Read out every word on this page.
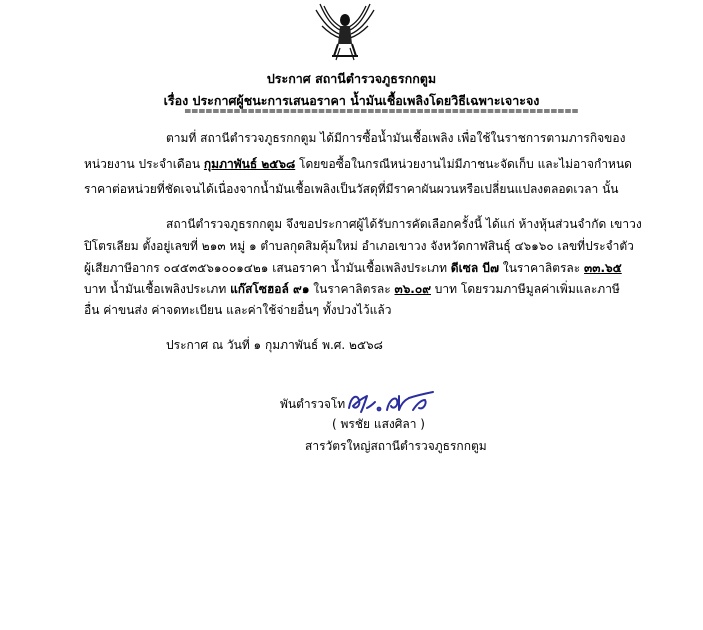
ประกาศ สถานีตำรวจภูธรกกตูม
เรื่อง ประกาศผู้ชนะการเสนอราคา น้ำมันเชื้อเพลิงโดยวิธีเฉพาะเจาะจง
========================================================
ตามที่ สถานีตำรวจภูธรกกตูม ได้มีการซื้อน้ำมันเชื้อเพลิง เพื่อใช้ในราชการตามภารกิจของ
หน่วยงาน ประจำเดือน กุมภาพันธ์ ๒๕๖๘ โดยขอซื้อในกรณีหน่วยงานไม่มีภาชนะจัดเก็บ และไม่อาจกำหนด
ราคาต่อหน่วยที่ชัดเจนได้เนื่องจากน้ำมันเชื้อเพลิงเป็นวัสดุที่มีราคาผันผวนหรือเปลี่ยนแปลงตลอดเวลา นั้น
สถานีตำรวจภูธรกกตูม จึงขอประกาศผู้ได้รับการคัดเลือกครั้งนี้ ได้แก่ ห้างหุ้นส่วนจำกัด เขาวง
ปิโตรเลียม ตั้งอยู่เลขที่ ๒๑๓ หมู่ ๑ ตำบลกุดสิมคุ้มใหม่ อำเภอเขาวง จังหวัดกาฬสินธุ์ ๔๖๑๖๐ เลขที่ประจำตัว
ผู้เสียภาษีอากร ๐๔๕๓๕๖๑๐๐๑๔๒๑ เสนอราคา น้ำมันเชื้อเพลิงประเภท ดีเซล บี๗ ในราคาลิตรละ ๓๓.๖๕
บาท น้ำมันเชื้อเพลิงประเภท แก๊สโซฮอล์ ๙๑ ในราคาลิตรละ ๓๖.๐๙ บาท โดยรวมภาษีมูลค่าเพิ่มและภาษี
อื่น ค่าขนส่ง ค่าจดทะเบียน และค่าใช้จ่ายอื่นๆ ทั้งปวงไว้แล้ว
ประกาศ ณ วันที่ ๑ กุมภาพันธ์ พ.ศ. ๒๕๖๘
พันตำรวจโท
( พรชัย แสงศิลา )
สารวัตรใหญ่สถานีตำรวจภูธรกกตูม
